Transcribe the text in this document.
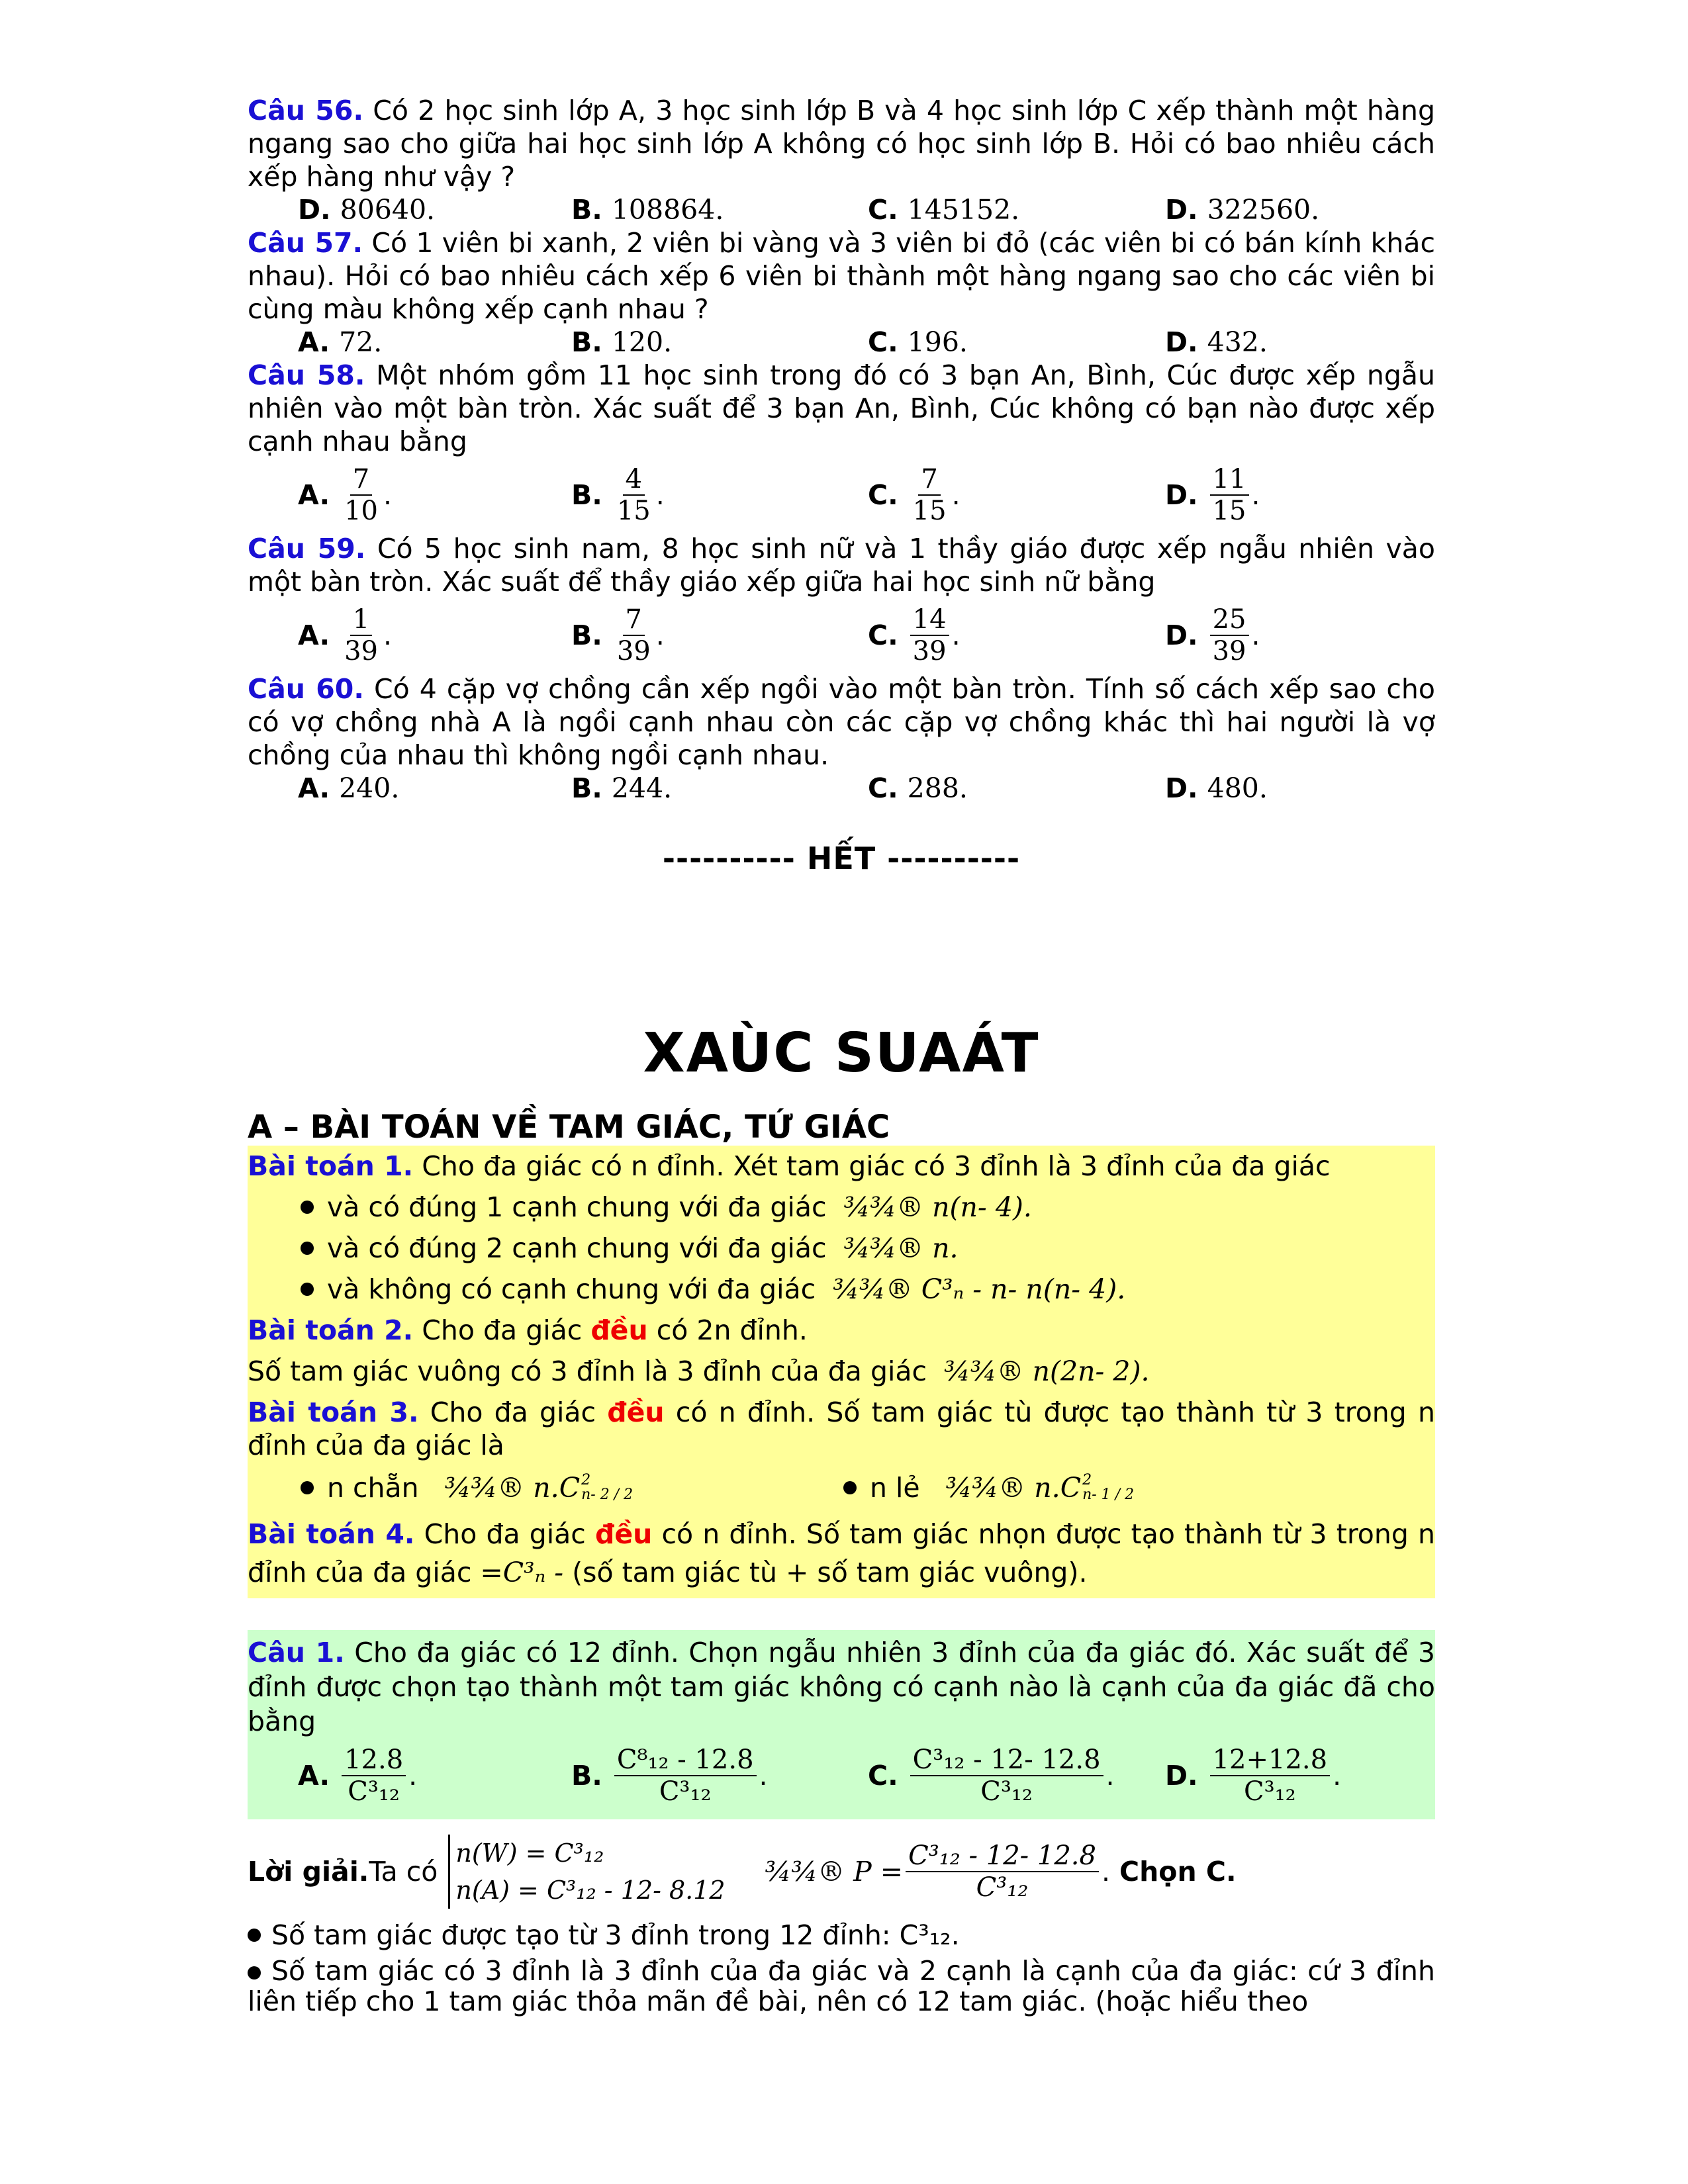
Câu 56. Có 2 học sinh lớp A, 3 học sinh lớp B và 4 học sinh lớp C xếp thành một hàng ngang sao cho giữa hai học sinh lớp A không có học sinh lớp B. Hỏi có bao nhiêu cách xếp hàng như vậy ?
D. 80640.	B. 108864.	C. 145152.	D. 322560.
Câu 57. Có 1 viên bi xanh, 2 viên bi vàng và 3 viên bi đỏ (các viên bi có bán kính khác nhau). Hỏi có bao nhiêu cách xếp 6 viên bi thành một hàng ngang sao cho các viên bi cùng màu không xếp cạnh nhau ?
A. 72.	B. 120.	C. 196.	D. 432.
Câu 58. Một nhóm gồm 11 học sinh trong đó có 3 bạn An, Bình, Cúc được xếp ngẫu nhiên vào một bàn tròn. Xác suất để 3 bạn An, Bình, Cúc không có bạn nào được xếp cạnh nhau bằng
A. $\frac{7}{10}$ .	B. $\frac{4}{15}$ .	C. $\frac{7}{15}$ .	D. $\frac{11}{15}$ .
Câu 59. Có 5 học sinh nam, 8 học sinh nữ và 1 thầy giáo được xếp ngẫu nhiên vào một bàn tròn. Xác suất để thầy giáo xếp giữa hai học sinh nữ bằng
A. $\frac{1}{39}$ .	B. $\frac{7}{39}$ .	C. $\frac{14}{39}$ .	D. $\frac{25}{39}$ .
Câu 60. Có 4 cặp vợ chồng cần xếp ngồi vào một bàn tròn. Tính số cách xếp sao cho có vợ chồng nhà A là ngồi cạnh nhau còn các cặp vợ chồng khác thì hai người là vợ chồng của nhau thì không ngồi cạnh nhau.
A. 240.	B. 244.	C. 288.	D. 480.
---------- HẾT ----------
XAÙC SUAÁT
A – BÀI TOÁN VỀ TAM GIÁC, TỨ GIÁC
Bài toán 1. Cho đa giác có n đỉnh. Xét tam giác có 3 đỉnh là 3 đỉnh của đa giác
và có đúng 1 cạnh chung với đa giác
¾¾® n(n- 4).
và có đúng 2 cạnh chung với đa giác
¾¾® n.
và không có cạnh chung với đa giác
¾¾® C³ₙ - n- n(n- 4).
Bài toán 2. Cho đa giác đều có 2n đỉnh.
Số tam giác vuông có 3 đỉnh là 3 đỉnh của đa giác ¾¾® n(2n- 2).
Bài toán 3. Cho đa giác đều có n đỉnh. Số tam giác tù được tạo thành từ 3 trong n đỉnh của đa giác là
n chẵn
¾¾® n.C 2
n- 2 / 2	n lẻ
¾¾® n.C 2
n- 1 / 2
Bài toán 4. Cho đa giác đều có n đỉnh. Số tam giác nhọn được tạo thành từ 3 trong n đỉnh của đa giác =C³ₙ - (số tam giác tù + số tam giác vuông).
Câu 1. Cho đa giác có 12 đỉnh. Chọn ngẫu nhiên 3 đỉnh của đa giác đó. Xác suất để 3 đỉnh được chọn tạo thành một tam giác không có cạnh nào là cạnh của đa giác đã cho bằng
A. $\frac{12.8}{\text{C³₁₂}}$ .	B. $\frac{\text{C⁸₁₂ - 12.8}}{\text{C³₁₂}}$ .	C. $\frac{\text{C³₁₂ - 12- 12.8}}{\text{C³₁₂}}$ . D. $\frac{12+12.8}{\text{C³₁₂}}$ .
Lời giải. Ta có
n(W) = C³₁₂
n(A) = C³₁₂ - 12- 8.12
¾¾® $P = \frac{\text{C³₁₂ - 12- 12.8}}{\text{C³₁₂}}$ . Chọn C.
Số tam giác được tạo từ 3 đỉnh trong 12 đỉnh: C³₁₂.
Số tam giác có 3 đỉnh là 3 đỉnh của đa giác và 2 cạnh là cạnh của đa giác: cứ 3 đỉnh liên tiếp cho 1 tam giác thỏa mãn đề bài, nên có 12 tam giác. (hoặc hiểu theo
